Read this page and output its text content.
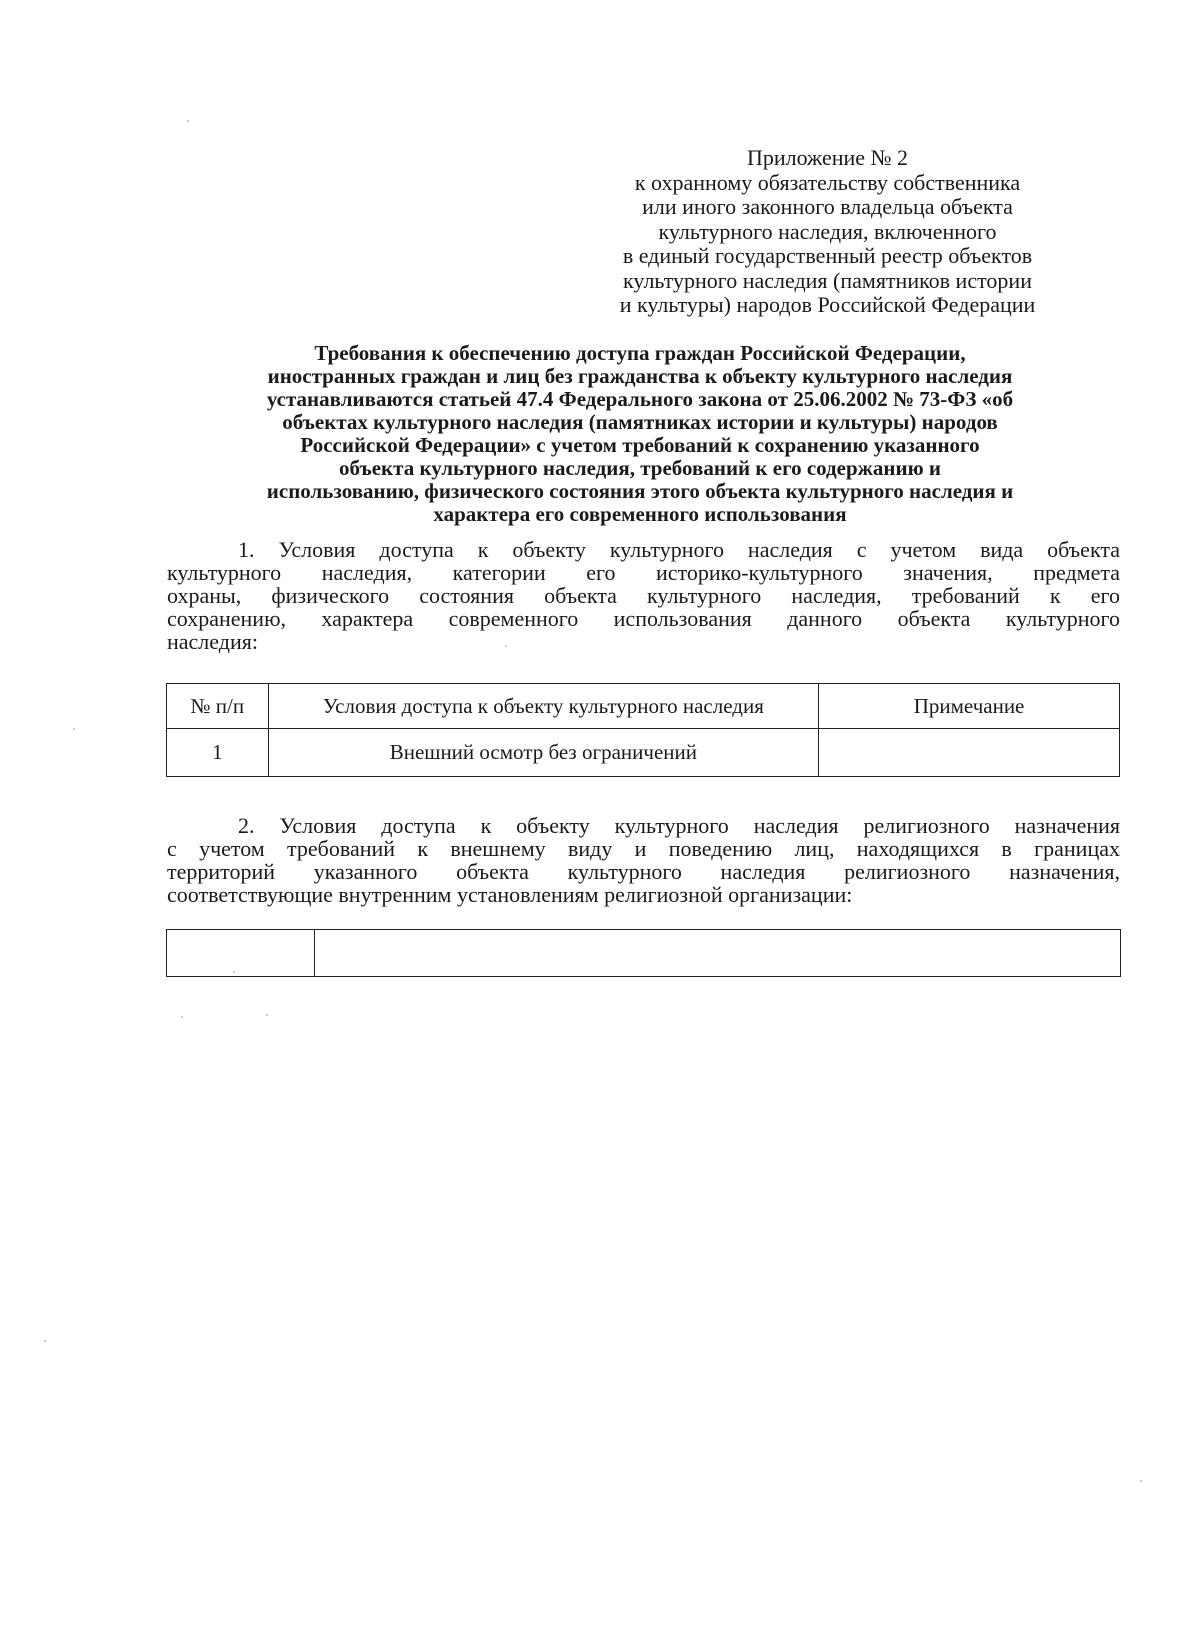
Приложение № 2
к охранному обязательству собственника
или иного законного владельца объекта
культурного наследия, включенного
в единый государственный реестр объектов
культурного наследия (памятников истории
и культуры) народов Российской Федерации
Требования к обеспечению доступа граждан Российской Федерации,
иностранных граждан и лиц без гражданства к объекту культурного наследия
устанавливаются статьей 47.4 Федерального закона от 25.06.2002 № 73-ФЗ «об
объектах культурного наследия (памятниках истории и культуры) народов
Российской Федерации» с учетом требований к сохранению указанного
объекта культурного наследия, требований к его содержанию и
использованию, физического состояния этого объекта культурного наследия и
характера его современного использования
1. Условия доступа к объекту культурного наследия с учетом вида объекта
культурного наследия, категории его историко-культурного значения, предмета
охраны, физического состояния объекта культурного наследия, требований к его
сохранению, характера современного использования данного объекта культурного
наследия:
№ п/п	Условия доступа к объекту культурного наследия	Примечание
1	Внешний осмотр без ограничений	
2. Условия доступа к объекту культурного наследия религиозного назначения
с учетом требований к внешнему виду и поведению лиц, находящихся в границах
территорий указанного объекта культурного наследия религиозного назначения,
соответствующие внутренним установлениям религиозной организации:
